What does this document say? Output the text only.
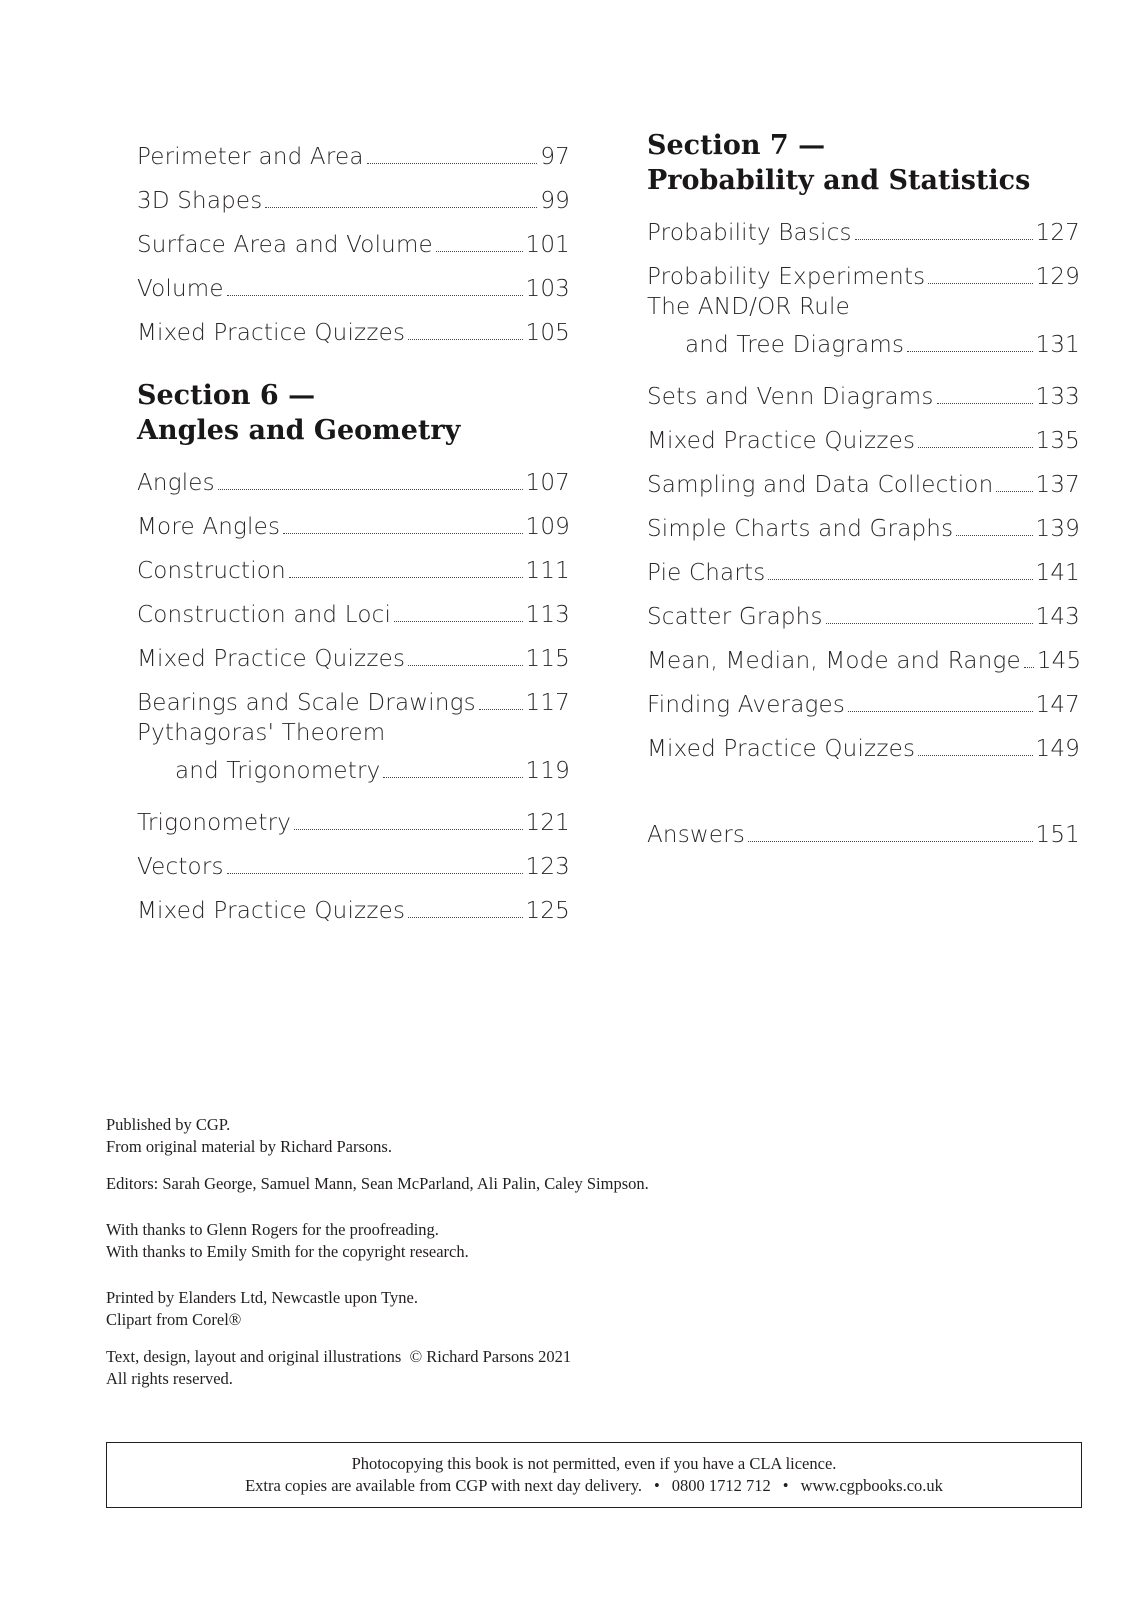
Perimeter and Area	97
3D Shapes	99
Surface Area and Volume	101
Volume	103
Mixed Practice Quizzes	105
Section 6 —
Angles and Geometry
Angles	107
More Angles	109
Construction	111
Construction and Loci	113
Mixed Practice Quizzes	115
Bearings and Scale Drawings 117
Pythagoras' Theorem
and Trigonometry	119
Trigonometry	121
Vectors	123
Mixed Practice Quizzes	125
Section 7 —
Probability and Statistics
Probability Basics	127
Probability Experiments	129
The AND/OR Rule
and Tree Diagrams	131
Sets and Venn Diagrams	133
Mixed Practice Quizzes	135
Sampling and Data Collection 137
Simple Charts and Graphs	139
Pie Charts	141
Scatter Graphs	143
Mean, Median, Mode and Range 145
Finding Averages	147
Mixed Practice Quizzes	149
Answers	151

Published by CGP.
From original material by Richard Parsons.

Editors: Sarah George, Samuel Mann, Sean McParland, Ali Palin, Caley Simpson.

With thanks to Glenn Rogers for the proofreading.
With thanks to Emily Smith for the copyright research.

Printed by Elanders Ltd, Newcastle upon Tyne.
Clipart from Corel®

Text, design, layout and original illustrations  © Richard Parsons 2021
All rights reserved.

Photocopying this book is not permitted, even if you have a CLA licence.
Extra copies are available from CGP with next day delivery. • 0800 1712 712 • www.cgpbooks.co.uk
